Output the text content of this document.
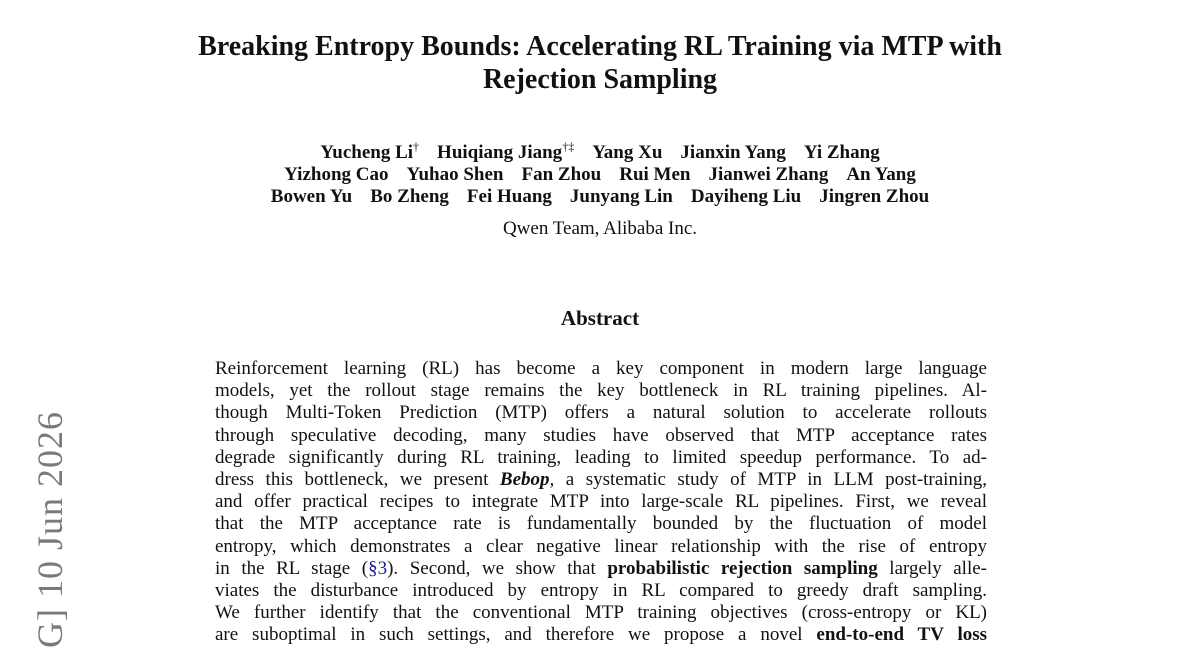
Breaking Entropy Bounds: Accelerating RL Training via MTP with
Rejection Sampling
Yucheng Li† Huiqiang Jiang†‡ Yang Xu Jianxin Yang Yi Zhang
Yizhong Cao Yuhao Shen Fan Zhou Rui Men Jianwei Zhang An Yang
Bowen Yu Bo Zheng Fei Huang Junyang Lin Dayiheng Liu Jingren Zhou
Qwen Team, Alibaba Inc.
Abstract
Reinforcement learning (RL) has become a key component in modern large language
models, yet the rollout stage remains the key bottleneck in RL training pipelines. Al-
though Multi-Token Prediction (MTP) offers a natural solution to accelerate rollouts
through speculative decoding, many studies have observed that MTP acceptance rates
degrade significantly during RL training, leading to limited speedup performance. To ad-
dress this bottleneck, we present Bebop, a systematic study of MTP in LLM post-training,
and offer practical recipes to integrate MTP into large-scale RL pipelines. First, we reveal
that the MTP acceptance rate is fundamentally bounded by the fluctuation of model
entropy, which demonstrates a clear negative linear relationship with the rise of entropy
in the RL stage (§3). Second, we show that probabilistic rejection sampling largely alle-
viates the disturbance introduced by entropy in RL compared to greedy draft sampling.
We further identify that the conventional MTP training objectives (cross-entropy or KL)
are suboptimal in such settings, and therefore we propose a novel end-to-end TV loss
G] 10 Jun 2026
